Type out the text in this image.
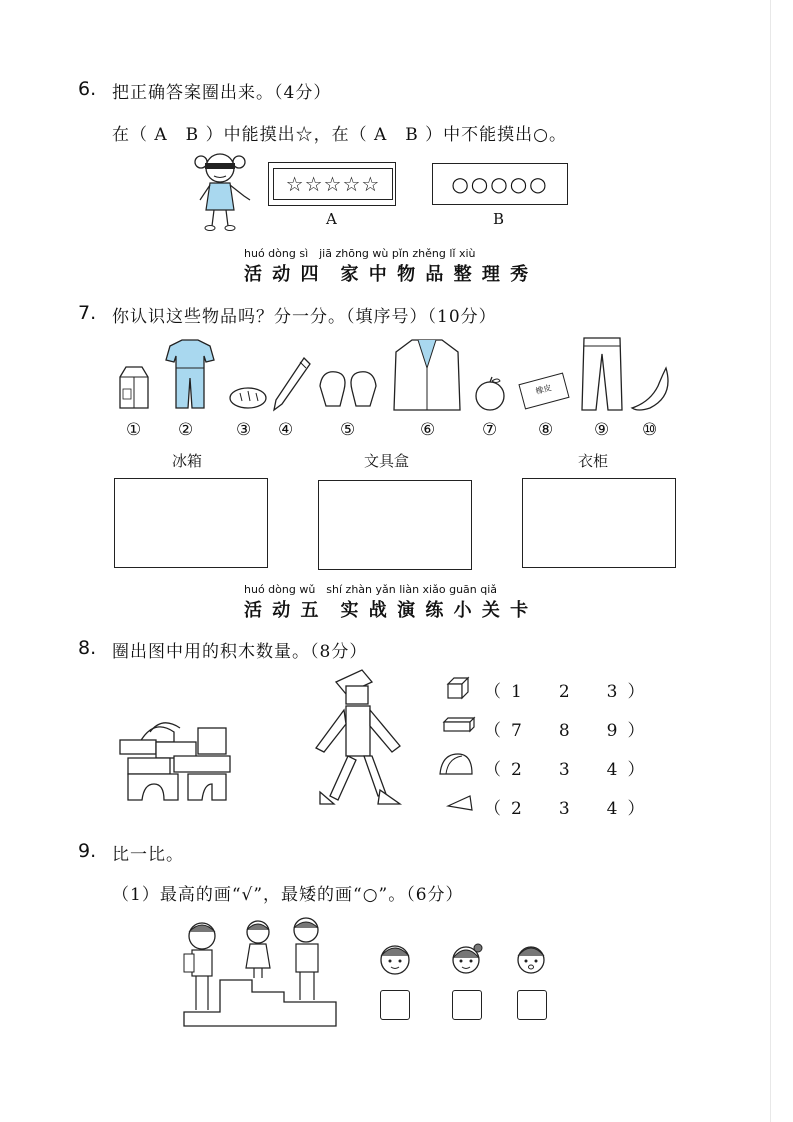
6. 把正确答案圈出来。（4分）
在（ A　B ）中能摸出☆，在（ A　B ）中不能摸出○。
☆☆☆☆☆
A
○○○○○
B
huó dòng sì　jiā zhōng wù pǐn zhěng lǐ xiù
活 动 四　家 中 物 品 整 理 秀
7. 你认识这些物品吗？分一分。（填序号）（10分）
橡皮
① ②	③ ④	⑤	⑥	⑦ ⑧ ⑨ ⑩
冰箱	文具盒	衣柜
huó dòng wǔ　shí zhàn yǎn liàn xiǎo guān qiǎ
活 动 五　实 战 演 练 小 关 卡
8. 圈出图中用的积木数量。（8分）
（1　2　3）
（7　8　9）
（2　3　4）
（2　3　4）
9. 比一比。
（1）最高的画“√”，最矮的画“○”。（6分）
